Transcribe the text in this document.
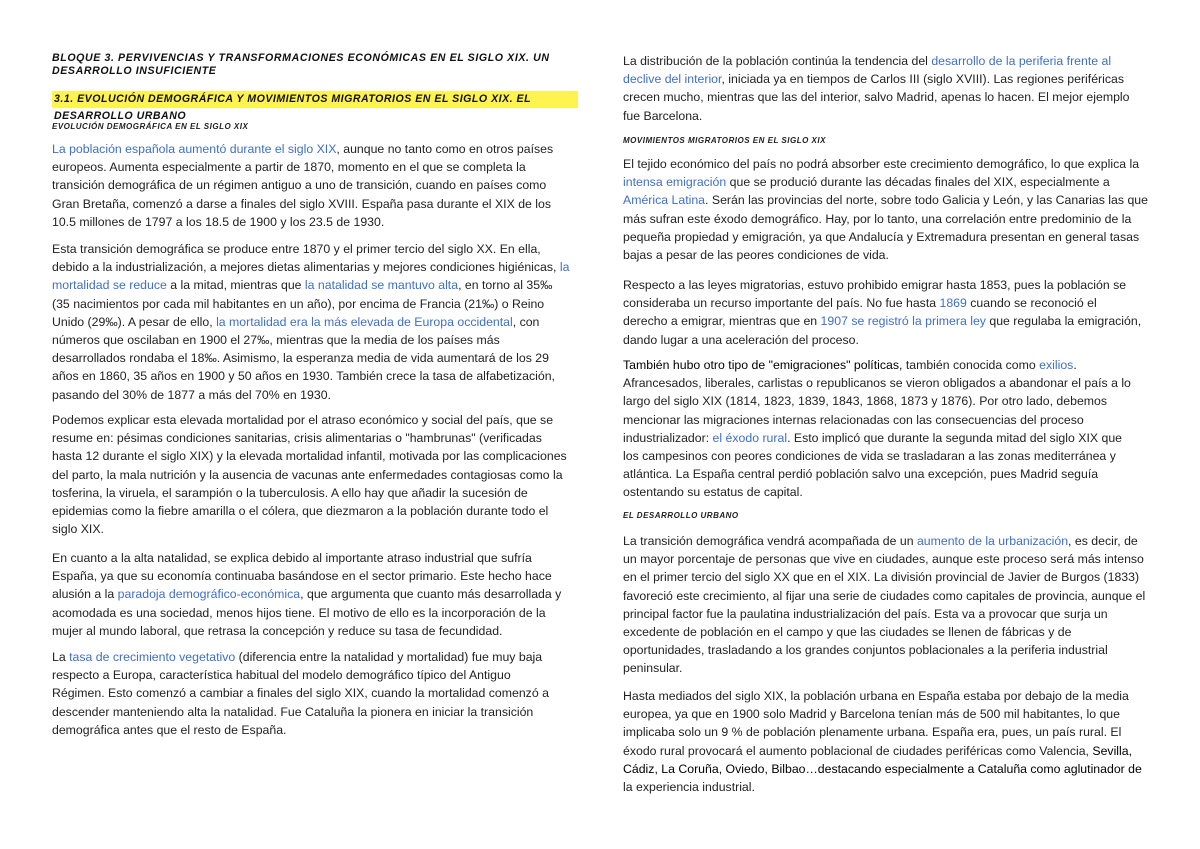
BLOQUE 3. PERVIVENCIAS Y TRANSFORMACIONES ECONÓMICAS EN EL SIGLO XIX. UN DESARROLLO INSUFICIENTE
3.1. EVOLUCIÓN DEMOGRÁFICA Y MOVIMIENTOS MIGRATORIOS EN EL SIGLO XIX. EL DESARROLLO URBANO
EVOLUCIÓN DEMOGRÁFICA EN EL SIGLO XIX

La población española aumentó durante el siglo XIX, aunque no tanto como en otros países europeos. Aumenta especialmente a partir de 1870, momento en el que se completa la transición demográfica de un régimen antiguo a uno de transición, cuando en países como Gran Bretaña, comenzó a darse a finales del siglo XVIII. España pasa durante el XIX de los 10.5 millones de 1797 a los 18.5 de 1900 y los 23.5 de 1930.

Esta transición demográfica se produce entre 1870 y el primer tercio del siglo XX. En ella, debido a la industrialización, a mejores dietas alimentarias y mejores condiciones higiénicas, la mortalidad se reduce a la mitad, mientras que la natalidad se mantuvo alta, en torno al 35‰ (35 nacimientos por cada mil habitantes en un año), por encima de Francia (21‰) o Reino Unido (29‰). A pesar de ello, la mortalidad era la más elevada de Europa occidental, con números que oscilaban en 1900 el 27‰, mientras que la media de los países más desarrollados rondaba el 18‰. Asimismo, la esperanza media de vida aumentará de los 29 años en 1860, 35 años en 1900 y 50 años en 1930. También crece la tasa de alfabetización, pasando del 30% de 1877 a más del 70% en 1930.

Podemos explicar esta elevada mortalidad por el atraso económico y social del país, que se resume en: pésimas condiciones sanitarias, crisis alimentarias o "hambrunas" (verificadas hasta 12 durante el siglo XIX) y la elevada mortalidad infantil, motivada por las complicaciones del parto, la mala nutrición y la ausencia de vacunas ante enfermedades contagiosas como la tosferina, la viruela, el sarampión o la tuberculosis. A ello hay que añadir la sucesión de epidemias como la fiebre amarilla o el cólera, que diezmaron a la población durante todo el siglo XIX.

En cuanto a la alta natalidad, se explica debido al importante atraso industrial que sufría España, ya que su economía continuaba basándose en el sector primario. Este hecho hace alusión a la paradoja demográfico-económica, que argumenta que cuanto más desarrollada y acomodada es una sociedad, menos hijos tiene. El motivo de ello es la incorporación de la mujer al mundo laboral, que retrasa la concepción y reduce su tasa de fecundidad.

La tasa de crecimiento vegetativo (diferencia entre la natalidad y mortalidad) fue muy baja respecto a Europa, característica habitual del modelo demográfico típico del Antiguo Régimen. Esto comenzó a cambiar a finales del siglo XIX, cuando la mortalidad comenzó a descender manteniendo alta la natalidad. Fue Cataluña la pionera en iniciar la transición demográfica antes que el resto de España.

La distribución de la población continúa la tendencia del desarrollo de la periferia frente al declive del interior, iniciada ya en tiempos de Carlos III (siglo XVIII). Las regiones periféricas crecen mucho, mientras que las del interior, salvo Madrid, apenas lo hacen. El mejor ejemplo fue Barcelona.

MOVIMIENTOS MIGRATORIOS EN EL SIGLO XIX

El tejido económico del país no podrá absorber este crecimiento demográfico, lo que explica la intensa emigración que se produció durante las décadas finales del XIX, especialmente a América Latina. Serán las provincias del norte, sobre todo Galicia y León, y las Canarias las que más sufran este éxodo demográfico. Hay, por lo tanto, una correlación entre predominio de la pequeña propiedad y emigración, ya que Andalucía y Extremadura presentan en general tasas bajas a pesar de las peores condiciones de vida.

Respecto a las leyes migratorias, estuvo prohibido emigrar hasta 1853, pues la población se consideraba un recurso importante del país. No fue hasta 1869 cuando se reconoció el derecho a emigrar, mientras que en 1907 se registró la primera ley que regulaba la emigración, dando lugar a una aceleración del proceso.

También hubo otro tipo de "emigraciones" políticas, también conocida como exilios. Afrancesados, liberales, carlistas o republicanos se vieron obligados a abandonar el país a lo largo del siglo XIX (1814, 1823, 1839, 1843, 1868, 1873 y 1876). Por otro lado, debemos mencionar las migraciones internas relacionadas con las consecuencias del proceso industrializador: el éxodo rural. Esto implicó que durante la segunda mitad del siglo XIX que los campesinos con peores condiciones de vida se trasladaran a las zonas mediterránea y atlántica. La España central perdió población salvo una excepción, pues Madrid seguía ostentando su estatus de capital.

EL DESARROLLO URBANO

La transición demográfica vendrá acompañada de un aumento de la urbanización, es decir, de un mayor porcentaje de personas que vive en ciudades, aunque este proceso será más intenso en el primer tercio del siglo XX que en el XIX. La división provincial de Javier de Burgos (1833) favoreció este crecimiento, al fijar una serie de ciudades como capitales de provincia, aunque el principal factor fue la paulatina industrialización del país. Esta va a provocar que surja un excedente de población en el campo y que las ciudades se llenen de fábricas y de oportunidades, trasladando a los grandes conjuntos poblacionales a la periferia industrial peninsular.

Hasta mediados del siglo XIX, la población urbana en España estaba por debajo de la media europea, ya que en 1900 solo Madrid y Barcelona tenían más de 500 mil habitantes, lo que implicaba solo un 9 % de población plenamente urbana. España era, pues, un país rural. El éxodo rural provocará el aumento poblacional de ciudades periféricas como Valencia, Sevilla, Cádiz, La Coruña, Oviedo, Bilbao…destacando especialmente a Cataluña como aglutinador de la experiencia industrial.
